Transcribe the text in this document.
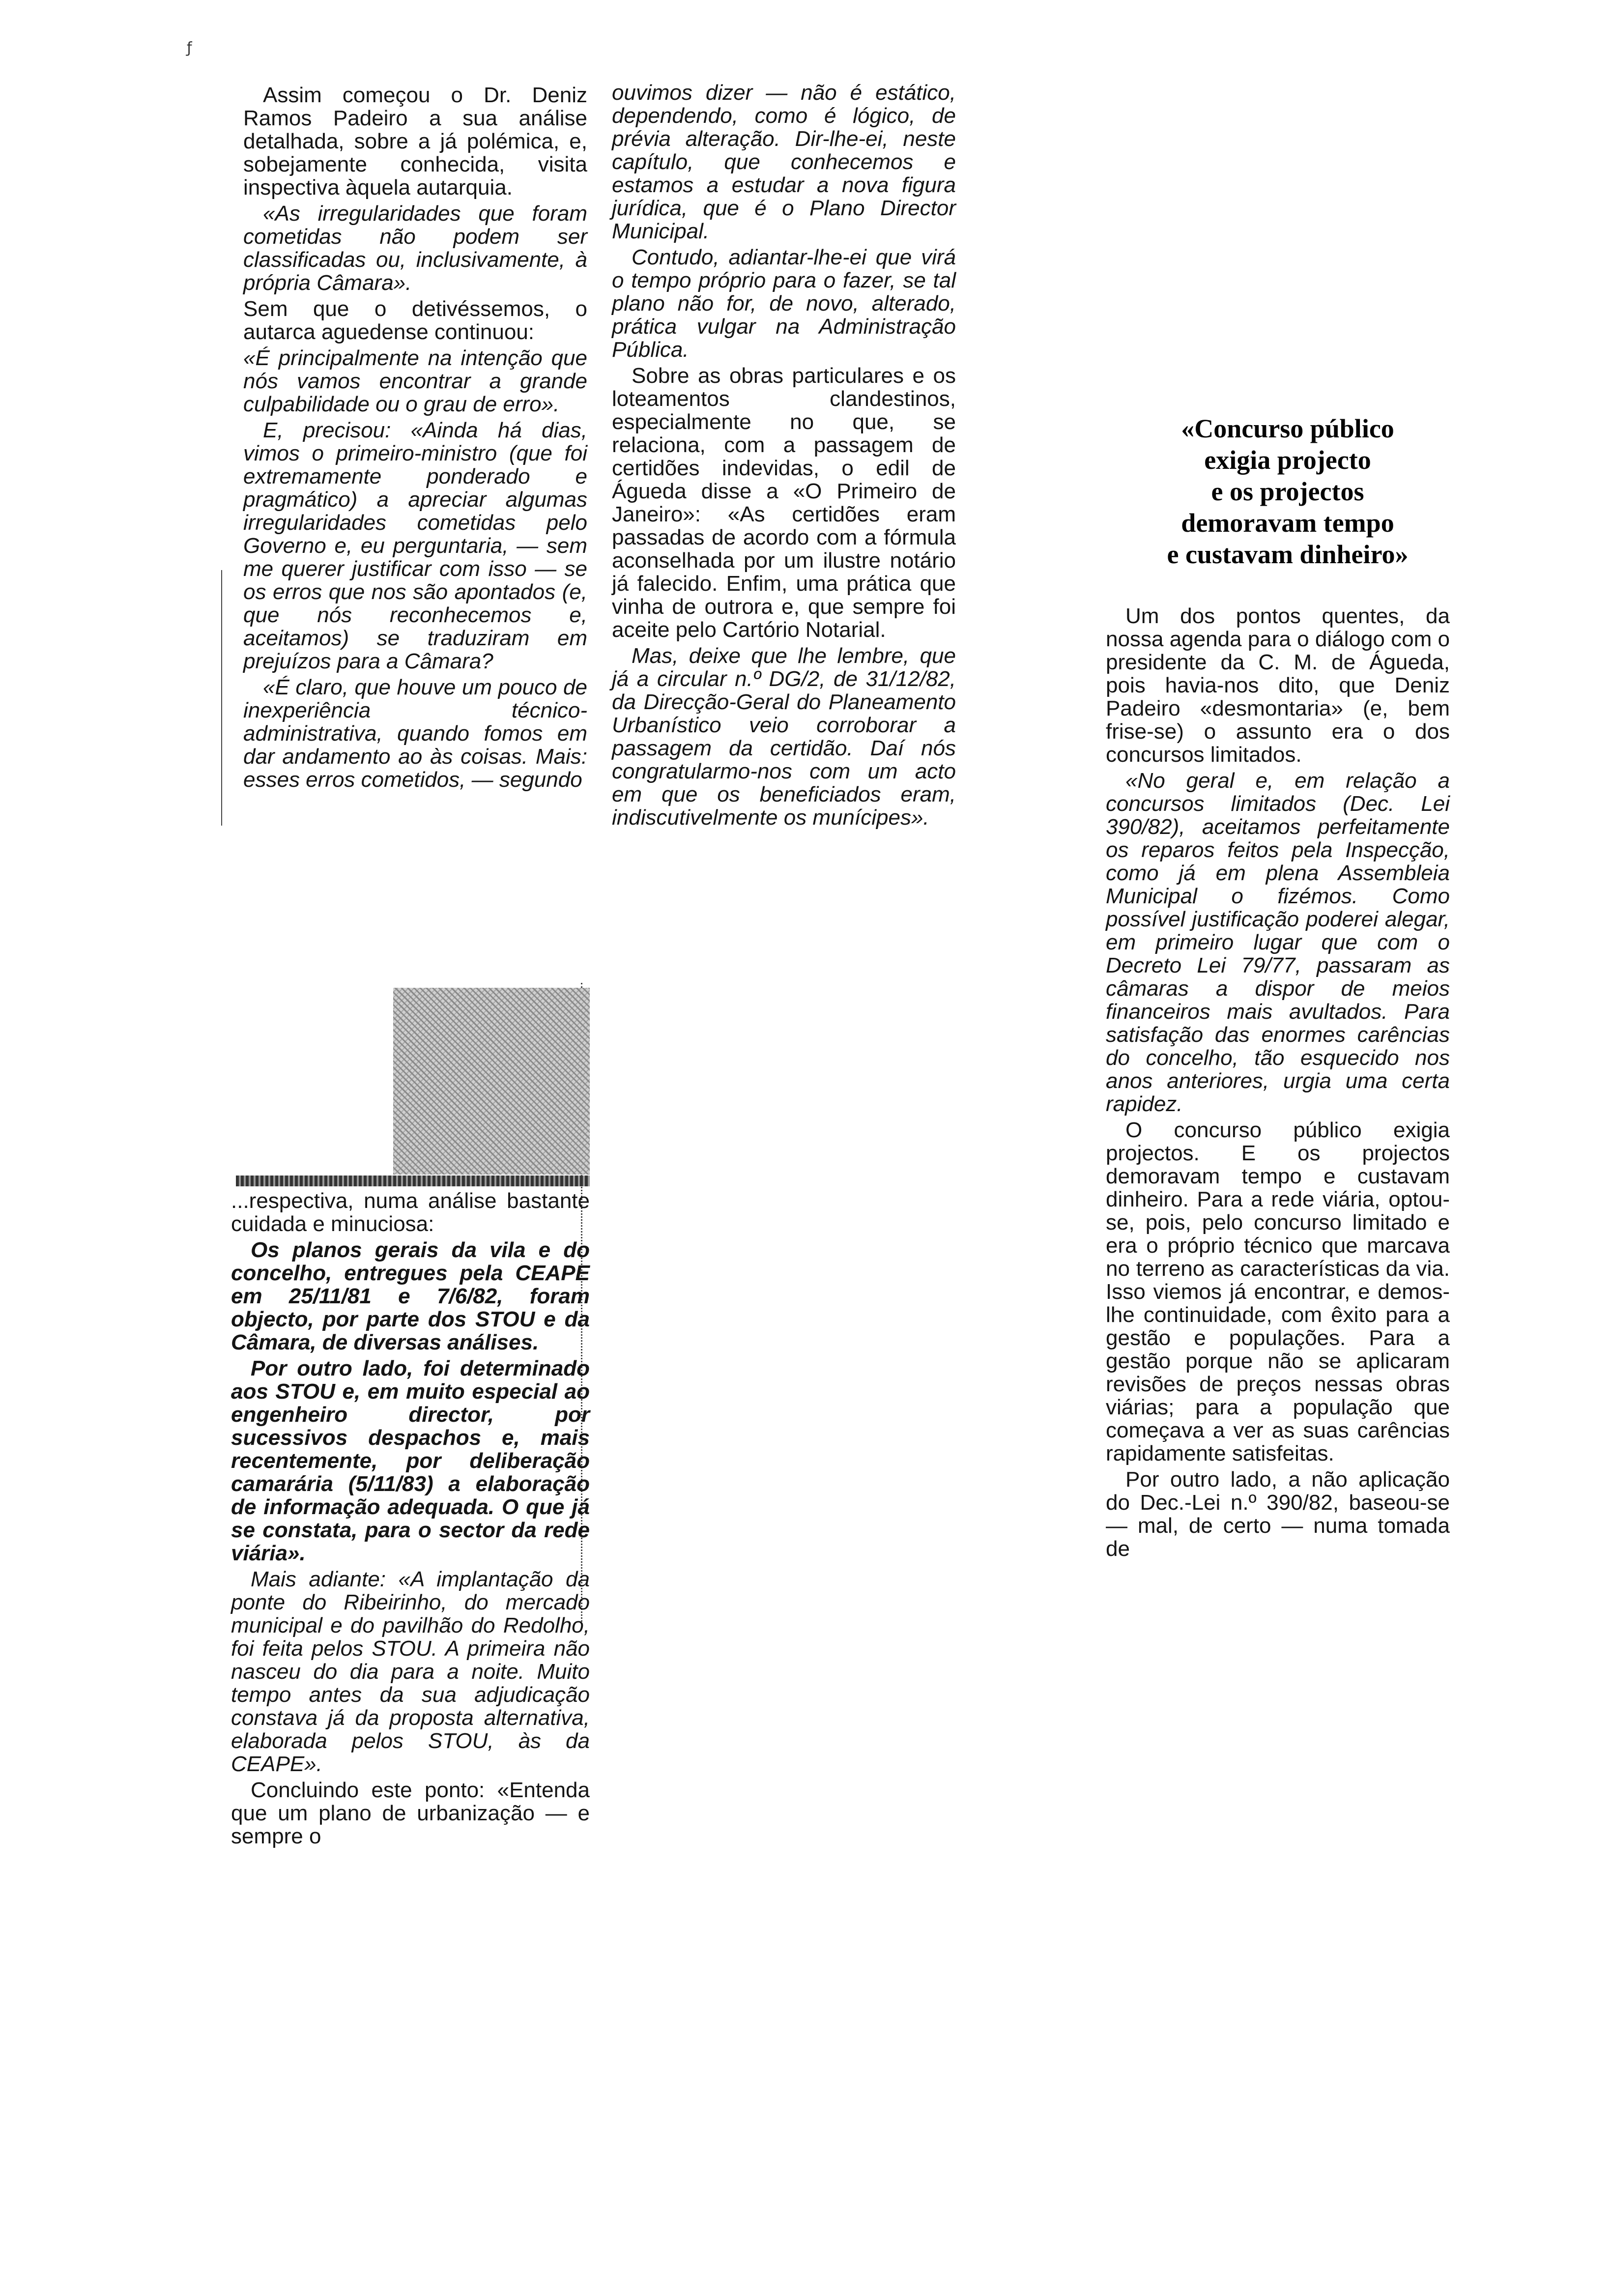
ƒ

Assim começou o Dr. Deniz Ramos Padeiro a sua análise detalhada, sobre a já polémica, e, sobejamente conhecida, visita inspectiva àquela autarquia.

«As irregularidades que foram cometidas não podem ser classificadas ou, inclusivamente, à própria Câmara».

Sem que o detivéssemos, o autarca aguedense continuou:

«É principalmente na intenção que nós vamos encontrar a grande culpabilidade ou o grau de erro».

E, precisou: «Ainda há dias, vimos o primeiro-ministro (que foi extremamente ponderado e pragmático) a apreciar algumas irregularidades cometidas pelo Governo e, eu perguntaria, — sem me querer justificar com isso — se os erros que nos são apontados (e, que nós reconhecemos e, aceitamos) se traduziram em prejuízos para a Câmara?

«É claro, que houve um pouco de inexperiência técnico-administrativa, quando fomos em dar andamento ao às coisas. Mais: esses erros cometidos, — segundo

...respectiva, numa análise bastante cuidada e minuciosa:

Os planos gerais da vila e do concelho, entregues pela CEAPE em 25/11/81 e 7/6/82, foram objecto, por parte dos STOU e da Câmara, de diversas análises.

Por outro lado, foi determinado aos STOU e, em muito especial ao engenheiro director, por sucessivos despachos e, mais recentemente, por deliberação camarária (5/11/83) a elaboração de informação adequada. O que já se constata, para o sector da rede viária».

Mais adiante: «A implantação da ponte do Ribeirinho, do mercado municipal e do pavilhão do Redolho, foi feita pelos STOU. A primeira não nasceu do dia para a noite. Muito tempo antes da sua adjudicação constava já da proposta alternativa, elaborada pelos STOU, às da CEAPE».

Concluindo este ponto: «Entenda que um plano de urbanização — e sempre o

ouvimos dizer — não é estático, dependendo, como é lógico, de prévia alteração. Dir-lhe-ei, neste capítulo, que conhecemos e estamos a estudar a nova figura jurídica, que é o Plano Director Municipal.

Contudo, adiantar-lhe-ei que virá o tempo próprio para o fazer, se tal plano não for, de novo, alterado, prática vulgar na Administração Pública.

Sobre as obras particulares e os loteamentos clandestinos, especialmente no que, se relaciona, com a passagem de certidões indevidas, o edil de Águeda disse a «O Primeiro de Janeiro»: «As certidões eram passadas de acordo com a fórmula aconselhada por um ilustre notário já falecido. Enfim, uma prática que vinha de outrora e, que sempre foi aceite pelo Cartório Notarial.

Mas, deixe que lhe lembre, que já a circular n.º DG/2, de 31/12/82, da Direcção-Geral do Planeamento Urbanístico veio corroborar a passagem da certidão. Daí nós congratularmo-nos com um acto em que os beneficiados eram, indiscutivelmente os munícipes».

«Concurso público
exigia projecto
e os projectos
demoravam tempo
e custavam dinheiro»

Um dos pontos quentes, da nossa agenda para o diálogo com o presidente da C. M. de Águeda, pois havia-nos dito, que Deniz Padeiro «desmontaria» (e, bem frise-se) o assunto era o dos concursos limitados.

«No geral e, em relação a concursos limitados (Dec. Lei 390/82), aceitamos perfeitamente os reparos feitos pela Inspecção, como já em plena Assembleia Municipal o fizémos. Como possível justificação poderei alegar, em primeiro lugar que com o Decreto Lei 79/77, passaram as câmaras a dispor de meios financeiros mais avultados. Para satisfação das enormes carências do concelho, tão esquecido nos anos anteriores, urgia uma certa rapidez.

O concurso público exigia projectos. E os projectos demoravam tempo e custavam dinheiro. Para a rede viária, optou-se, pois, pelo concurso limitado e era o próprio técnico que marcava no terreno as características da via. Isso viemos já encontrar, e demos-lhe continuidade, com êxito para a gestão e populações. Para a gestão porque não se aplicaram revisões de preços nessas obras viárias; para a população que começava a ver as suas carências rapidamente satisfeitas.

Por outro lado, a não aplicação do Dec.-Lei n.º 390/82, baseou-se — mal, de certo — numa tomada de
